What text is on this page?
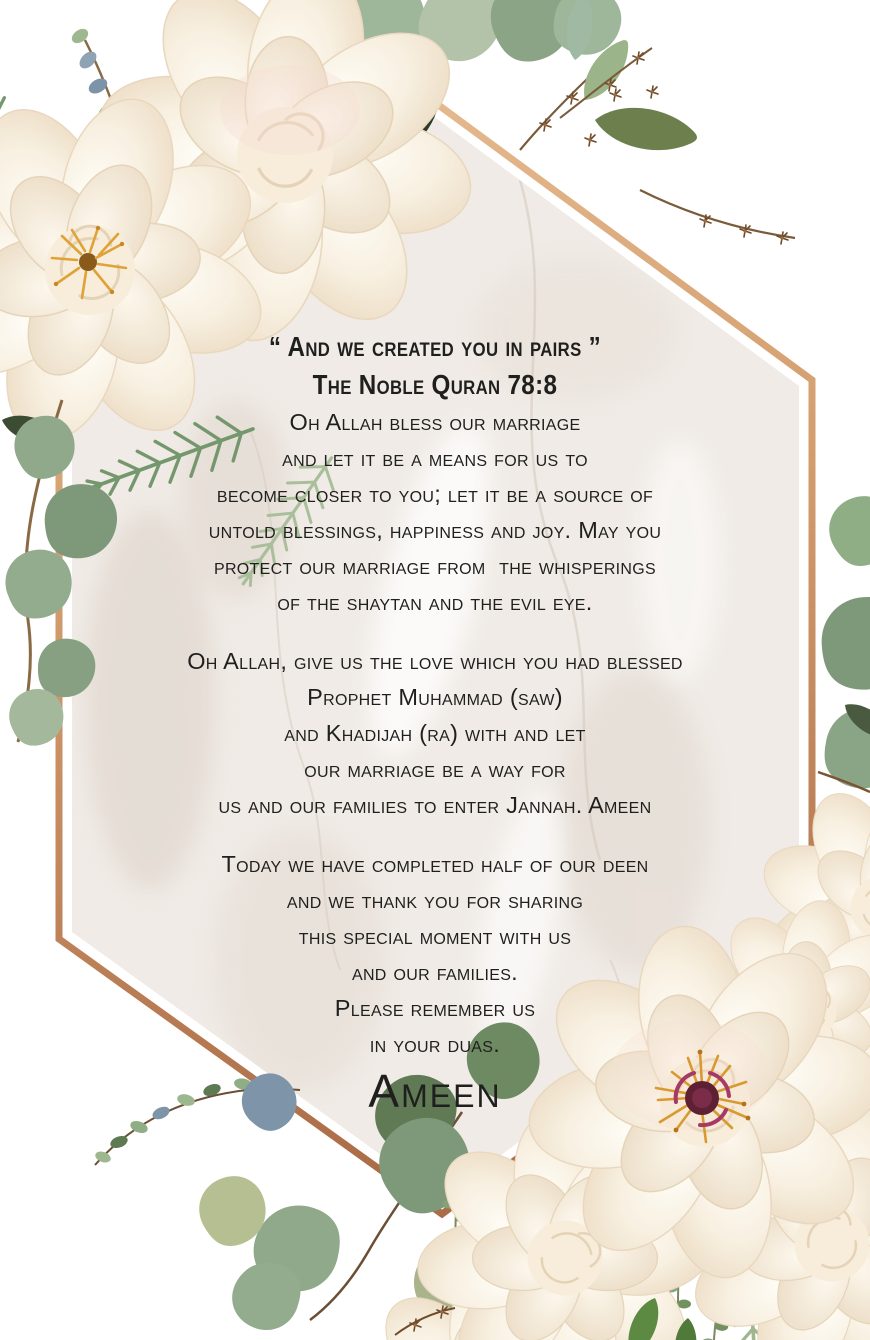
“ And we created you in pairs ”
The Noble Quran 78:8
Oh Allah bless our marriage
and let it be a means for us to
become closer to you; let it be a source of
untold blessings, happiness and joy. May you
protect our marriage from  the whisperings
of the shaytan and the evil eye.
Oh Allah, give us the love which you had blessed
Prophet Muhammad (saw)
and Khadijah (ra) with and let
our marriage be a way for
us and our families to enter Jannah. Ameen
Today we have completed half of our deen
and we thank you for sharing
this special moment with us
and our families.
Please remember us
in your duas.
Ameen
